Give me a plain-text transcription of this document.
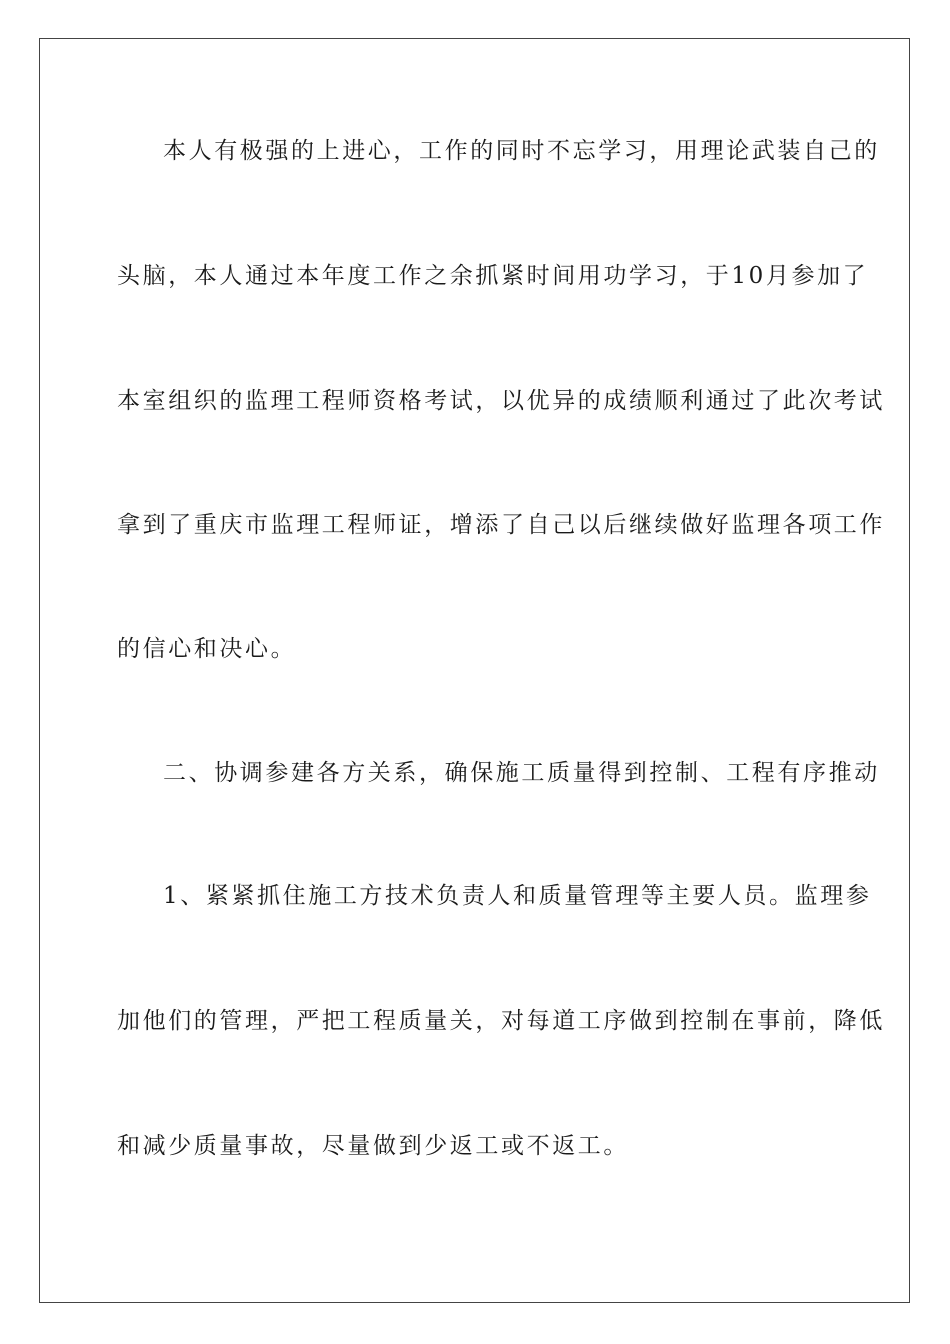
本人有极强的上进心，工作的同时不忘学习，用理论武装自己的
头脑，本人通过本年度工作之余抓紧时间用功学习，于10月参加了
本室组织的监理工程师资格考试，以优异的成绩顺利通过了此次考试
拿到了重庆市监理工程师证，增添了自己以后继续做好监理各项工作
的信心和决心。
二、协调参建各方关系，确保施工质量得到控制、工程有序推动
1、紧紧抓住施工方技术负责人和质量管理等主要人员。监理参
加他们的管理，严把工程质量关，对每道工序做到控制在事前，降低
和减少质量事故，尽量做到少返工或不返工。
